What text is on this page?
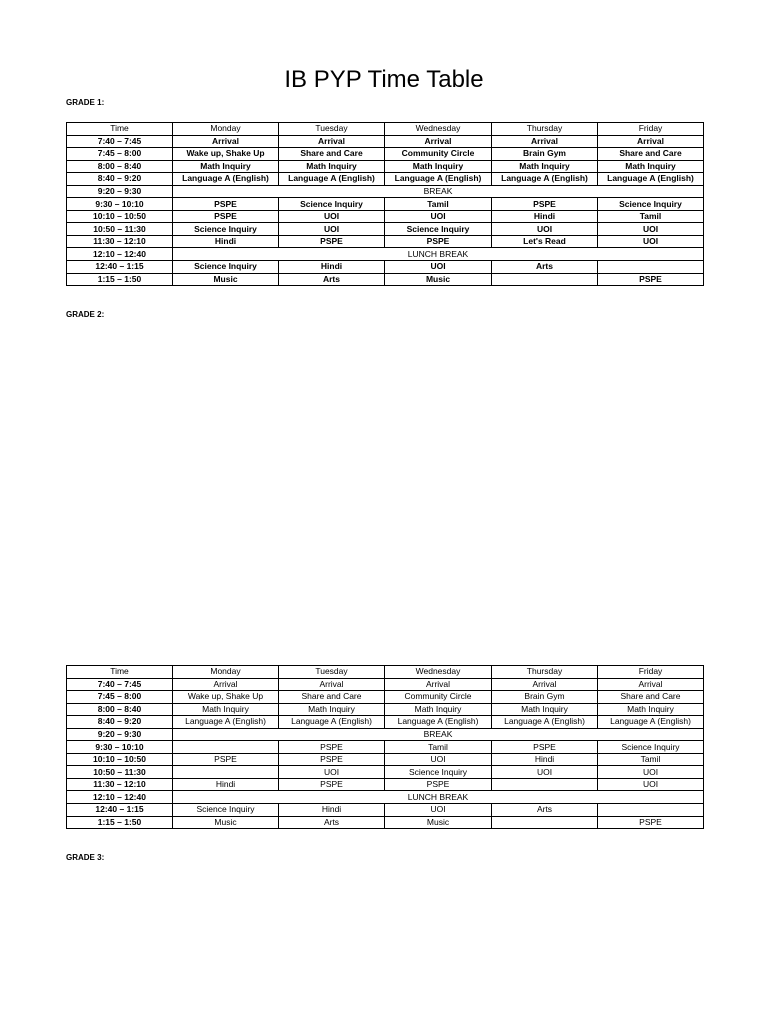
IB PYP Time Table
GRADE 1:
Time	Monday	Tuesday	Wednesday	Thursday	Friday
7:40 – 7:45	Arrival	Arrival	Arrival	Arrival	Arrival
7:45 – 8:00	Wake up, Shake Up	Share and Care	Community Circle	Brain Gym	Share and Care
8:00 – 8:40	Math Inquiry	Math Inquiry	Math Inquiry	Math Inquiry	Math Inquiry
8:40 – 9:20	Language A (English)	Language A (English)	Language A (English)	Language A (English)	Language A (English)
9:20 – 9:30	BREAK				
9:30 – 10:10	PSPE	Science Inquiry	Tamil	PSPE	Science Inquiry
10:10 – 10:50	PSPE	UOI	UOI	Hindi	Tamil
10:50 – 11:30	Science Inquiry	UOI	Science Inquiry	UOI	UOI
11:30 – 12:10	Hindi	PSPE	PSPE	Let's Read	UOI
12:10 – 12:40	LUNCH BREAK				
12:40 – 1:15	Science Inquiry	Hindi	UOI	Arts	
1:15 – 1:50	Music	Arts	Music		PSPE
GRADE 2:
Time	Monday	Tuesday	Wednesday	Thursday	Friday
7:40 – 7:45	Arrival	Arrival	Arrival	Arrival	Arrival
7:45 – 8:00	Wake up, Shake Up	Share and Care	Community Circle	Brain Gym	Share and Care
8:00 – 8:40	Math Inquiry	Math Inquiry	Math Inquiry	Math Inquiry	Math Inquiry
8:40 – 9:20	Language A (English)	Language A (English)	Language A (English)	Language A (English)	Language A (English)
9:20 – 9:30	BREAK				
9:30 – 10:10		PSPE	Tamil	PSPE	Science Inquiry
10:10 – 10:50	PSPE	PSPE	UOI	Hindi	Tamil
10:50 – 11:30		UOI	Science Inquiry	UOI	UOI
11:30 – 12:10	Hindi	PSPE	PSPE		UOI
12:10 – 12:40	LUNCH BREAK				
12:40 – 1:15	Science Inquiry	Hindi	UOI	Arts	
1:15 – 1:50	Music	Arts	Music		PSPE
GRADE 3:
